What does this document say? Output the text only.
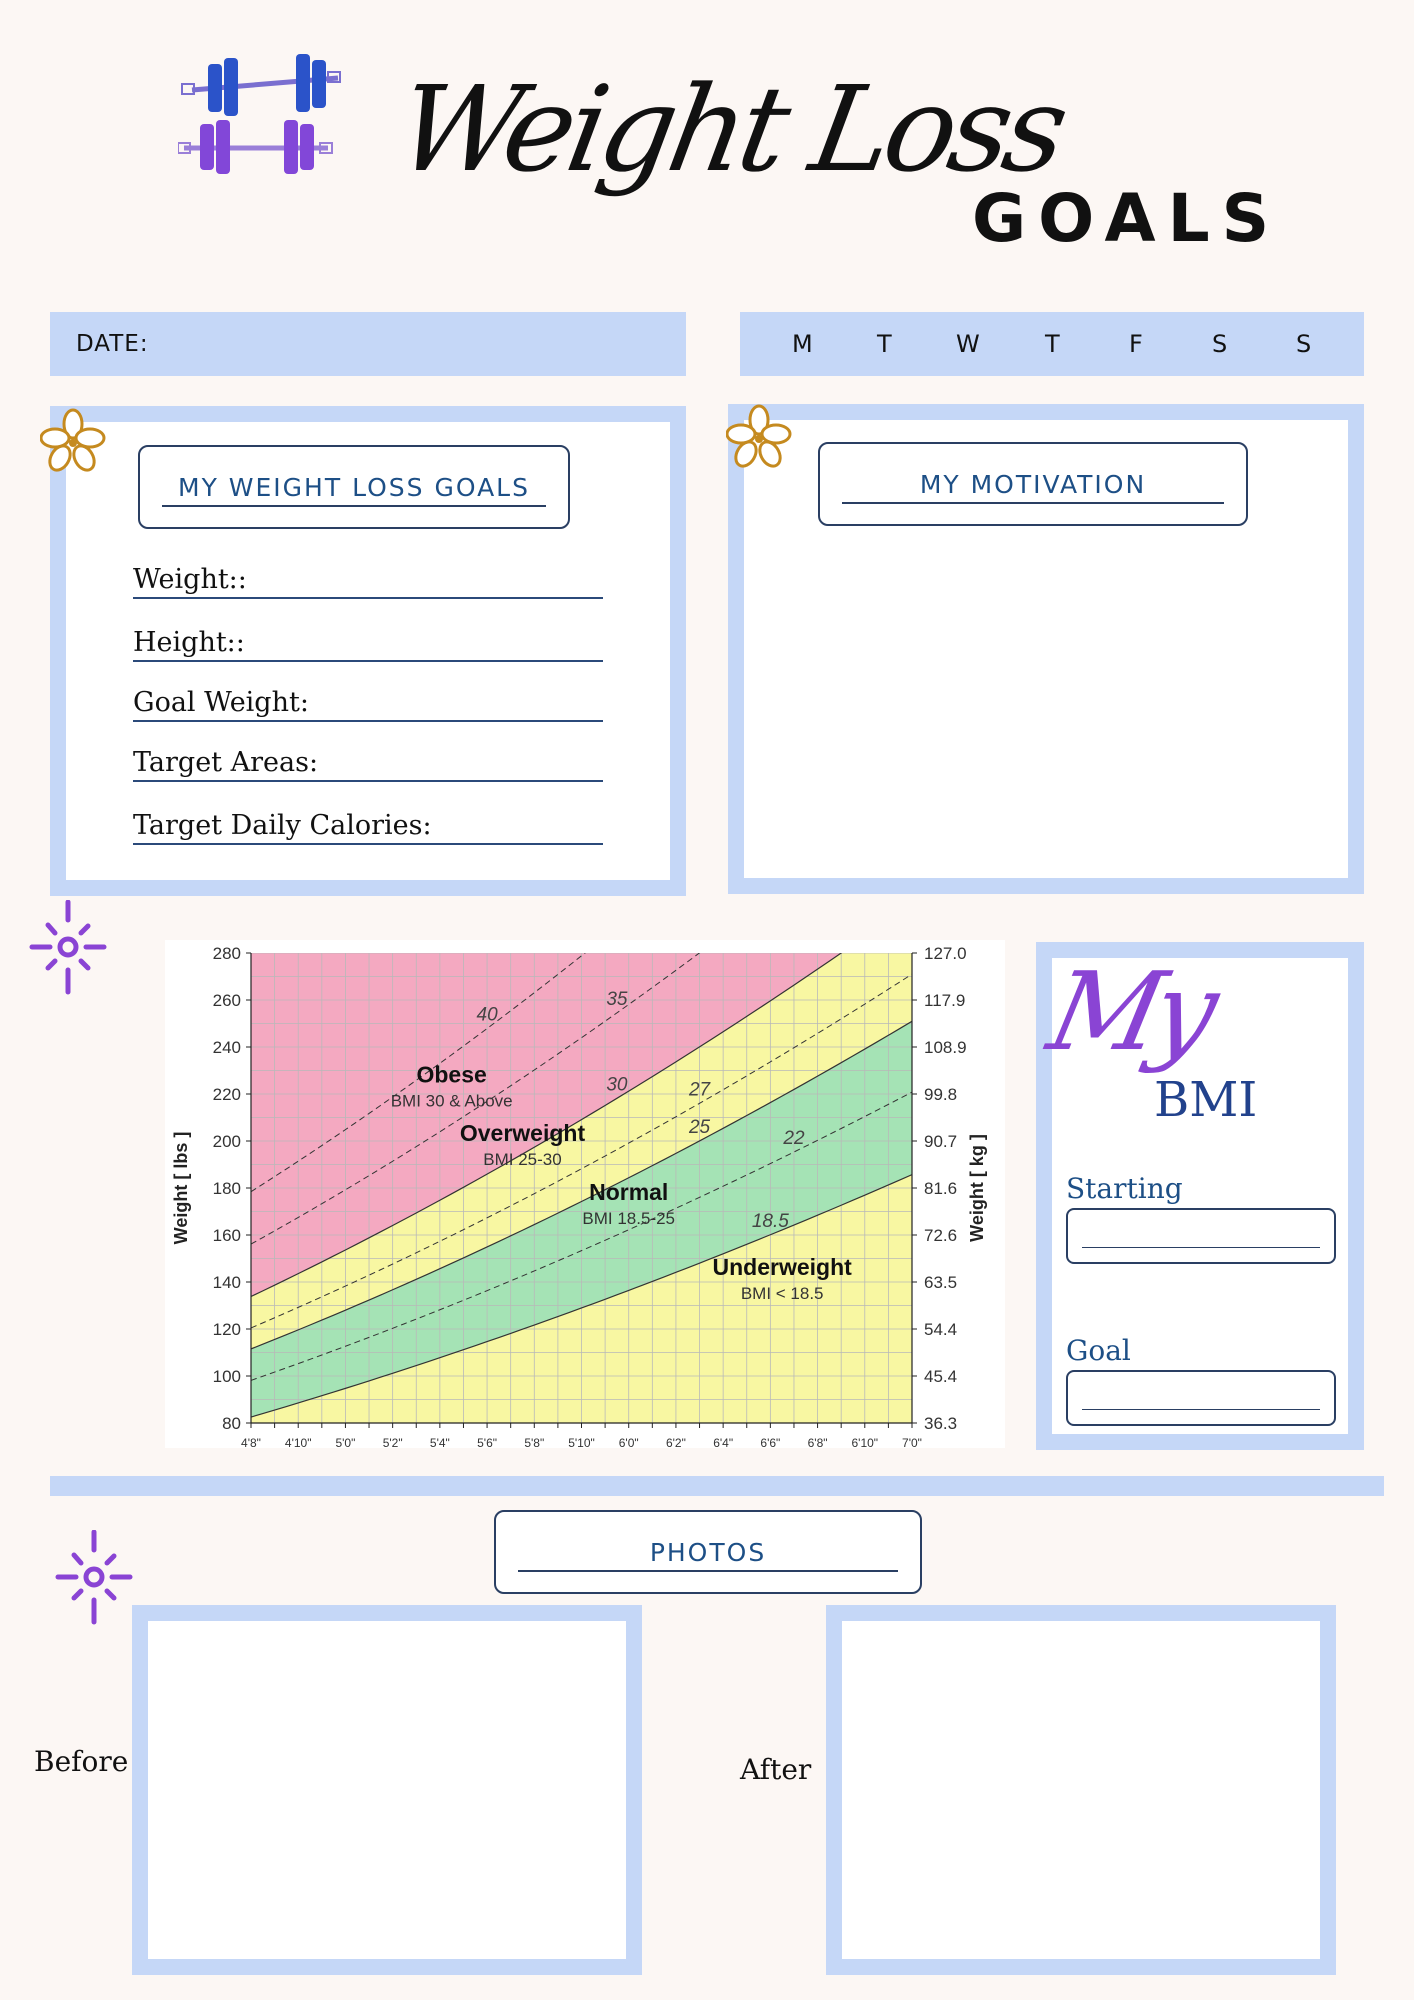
Weight Loss
GOALS
DATE:	M	T	W	T	F	S	S
MY WEIGHT LOSS GOALS
Weight::
Height::
Goal Weight:
Target Areas:
Target Daily Calories:
MY MOTIVATION
280
260
240
220
200
180
160
140
120
100
80
127.0
117.9
108.9
99.8
90.7
81.6
72.6
63.5
54.4
45.4
36.3
4'8" 4'10" 5'0" 5'2" 5'4" 5'6" 5'8" 5'10" 6'0" 6'2" 6'4" 6'6" 6'8" 6'10" 7'0"
Weight [ lbs ]	Weight [ kg ]
40
35
30	27
25
22
18.5
Obese
BMI 30 & Above
Overweight
BMI 25-30
Normal
BMI 18.5-25
Underweight
BMI < 18.5
My
BMI
Starting
Goal
PHOTOS
Before	After
